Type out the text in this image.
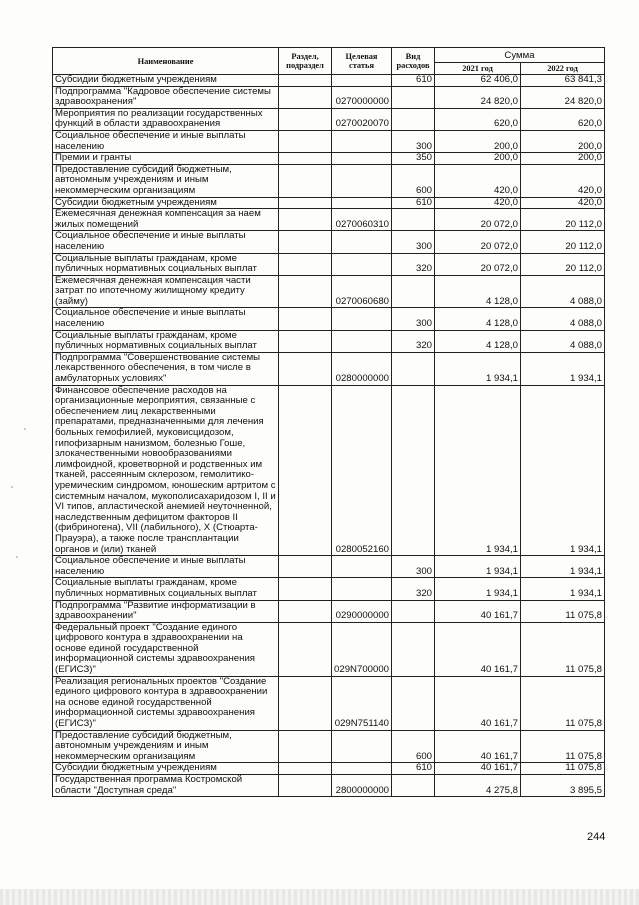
Наименование	Раздел, подраздел	Целевая статья	Вид расходов	Сумма	
				2021 год	2022 год
Субсидии бюджетным учреждениям			610	62 406,0	63 841,3
Подпрограмма "Кадровое обеспечение системы здравоохранения"		0270000000		24 820,0	24 820,0
Мероприятия по реализации государственных функций в области здравоохранения		0270020070		620,0	620,0
Социальное обеспечение и иные выплаты населению			300	200,0	200,0
Премии и гранты			350	200,0	200,0
Предоставление субсидий бюджетным, автономным учреждениям и иным некоммерческим организациям			600	420,0	420,0
Субсидии бюджетным учреждениям			610	420,0	420,0
Ежемесячная денежная компенсация за наем жилых помещений		0270060310		20 072,0	20 112,0
Социальное обеспечение и иные выплаты населению			300	20 072,0	20 112,0
Социальные выплаты гражданам, кроме публичных нормативных социальных выплат			320	20 072,0	20 112,0
Ежемесячная денежная компенсация части затрат по ипотечному жилищному кредиту (займу)		0270060680		4 128,0	4 088,0
Социальное обеспечение и иные выплаты населению			300	4 128,0	4 088,0
Социальные выплаты гражданам, кроме публичных нормативных социальных выплат			320	4 128,0	4 088,0
Подпрограмма "Совершенствование системы лекарственного обеспечения, в том числе в амбулаторных условиях"		0280000000		1 934,1	1 934,1
Финансовое обеспечение расходов на организационные мероприятия, связанные с обеспечением лиц лекарственными препаратами, предназначенными для лечения больных гемофилией, муковисцидозом, гипофизарным нанизмом, болезнью Гоше, злокачественными новообразованиями лимфоидной, кроветворной и родственных им тканей, рассеянным склерозом, гемолитико-уремическим синдромом, юношеским артритом с системным началом, мукополисахаридозом I, II и VI типов, апластической анемией неуточненной, наследственным дефицитом факторов II (фибриногена), VII (лабильного), X (Стюарта-Прауэра), а также после трансплантации органов и (или) тканей		0280052160		1 934,1	1 934,1
Социальное обеспечение и иные выплаты населению			300	1 934,1	1 934,1
Социальные выплаты гражданам, кроме публичных нормативных социальных выплат			320	1 934,1	1 934,1
Подпрограмма "Развитие информатизации в здравоохранении"		0290000000		40 161,7	11 075,8
Федеральный проект "Создание единого цифрового контура в здравоохранении на основе единой государственной информационной системы здравоохранения (ЕГИСЗ)"		029N700000		40 161,7	11 075,8
Реализация региональных проектов "Создание единого цифрового контура в здравоохранении на основе единой государственной информационной системы здравоохранения (ЕГИСЗ)"		029N751140		40 161,7	11 075,8
Предоставление субсидий бюджетным, автономным учреждениям и иным некоммерческим организациям			600	40 161,7	11 075,8
Субсидии бюджетным учреждениям			610	40 161,7	11 075,8
Государственная программа Костромской области "Доступная среда"		2800000000		4 275,8	3 895,5
244
